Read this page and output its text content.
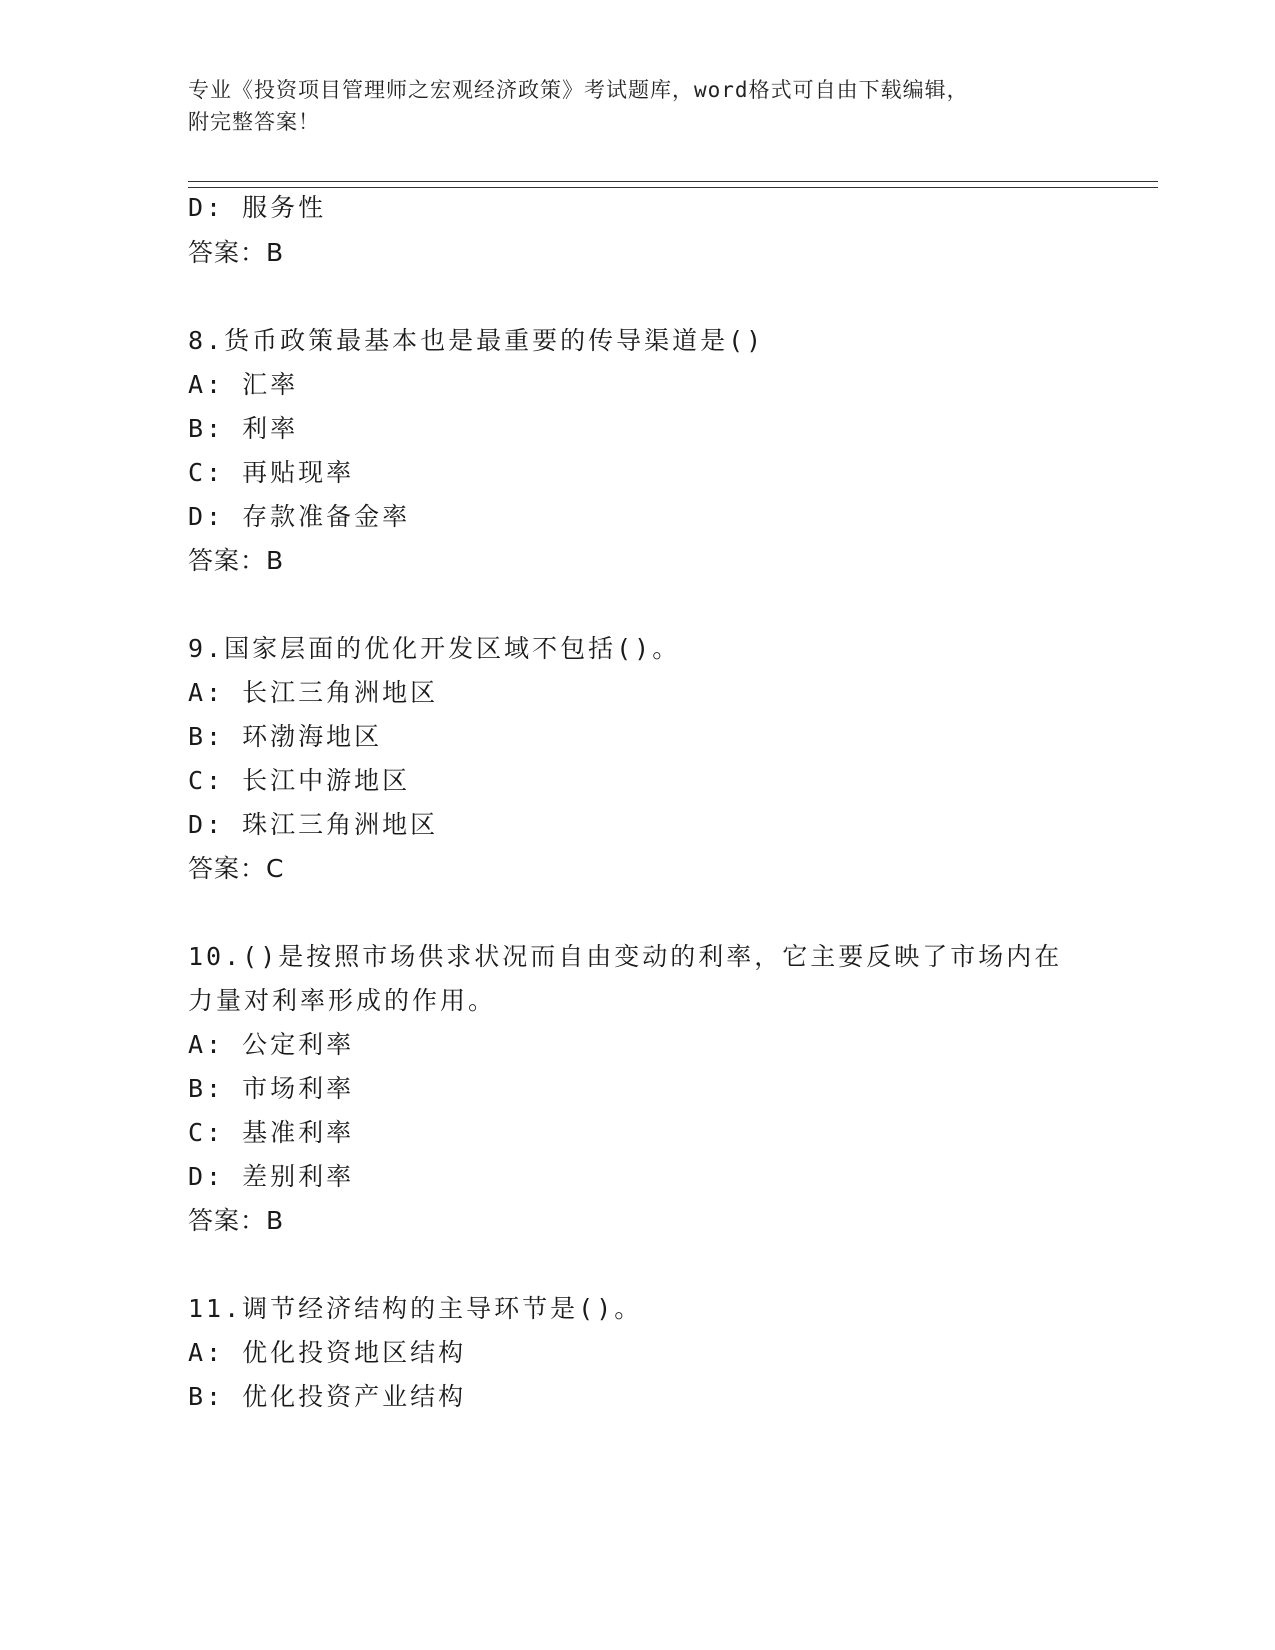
专业《投资项目管理师之宏观经济政策》考试题库，word格式可自由下载编辑，
附完整答案！
D: 服务性
答案：B
8.货币政策最基本也是最重要的传导渠道是()
A: 汇率
B: 利率
C: 再贴现率
D: 存款准备金率
答案：B
9.国家层面的优化开发区域不包括()。
A: 长江三角洲地区
B: 环渤海地区
C: 长江中游地区
D: 珠江三角洲地区
答案：C
10.()是按照市场供求状况而自由变动的利率，它主要反映了市场内在
力量对利率形成的作用。
A: 公定利率
B: 市场利率
C: 基准利率
D: 差别利率
答案：B
11.调节经济结构的主导环节是()。
A: 优化投资地区结构
B: 优化投资产业结构
